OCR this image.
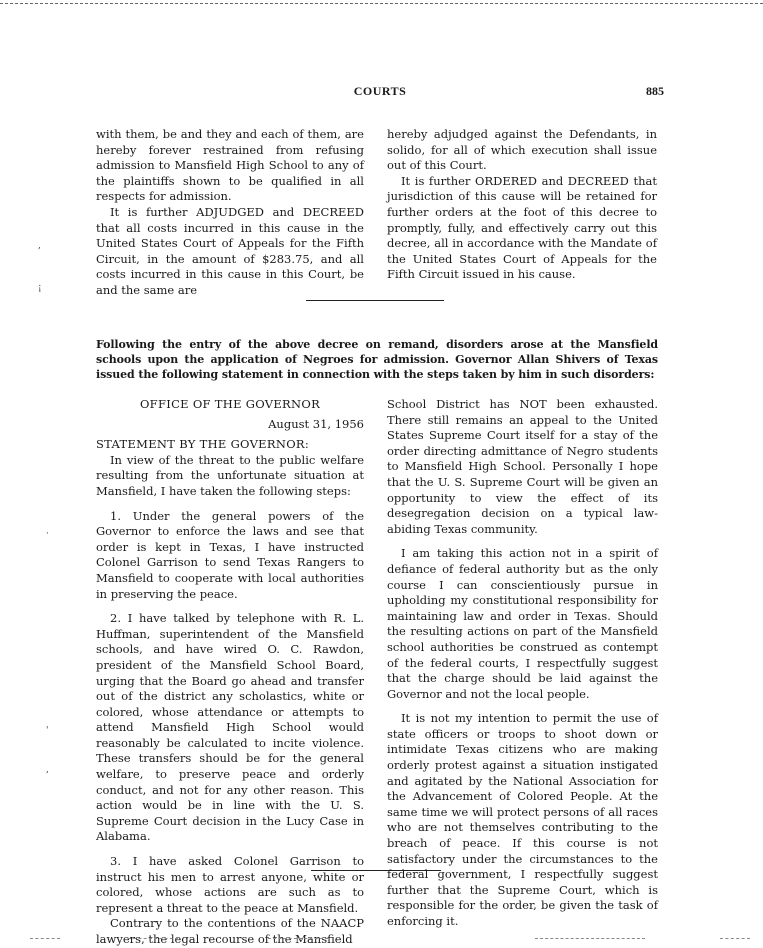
COURTS	885

with them, be and they and each of them, are hereby forever restrained from refusing admission to Mansfield High School to any of the plaintiffs shown to be qualified in all respects for admission.

It is further ADJUDGED and DECREED that all costs incurred in this cause in the United States Court of Appeals for the Fifth Circuit, in the amount of $283.75, and all costs incurred in this cause in this Court, be and the same are

hereby adjudged against the Defendants, in solido, for all of which execution shall issue out of this Court.

It is further ORDERED and DECREED that jurisdiction of this cause will be retained for further orders at the foot of this decree to promptly, fully, and effectively carry out this decree, all in accordance with the Mandate of the United States Court of Appeals for the Fifth Circuit issued in his cause.

Following the entry of the above decree on remand, disorders arose at the Mansfield schools upon the application of Negroes for admission. Governor Allan Shivers of Texas issued the following statement in connection with the steps taken by him in such disorders:

OFFICE OF THE GOVERNOR

August 31, 1956

STATEMENT BY THE GOVERNOR:

In view of the threat to the public welfare resulting from the unfortunate situation at Mansfield, I have taken the following steps:

1. Under the general powers of the Governor to enforce the laws and see that order is kept in Texas, I have instructed Colonel Garrison to send Texas Rangers to Mansfield to cooperate with local authorities in preserving the peace.

2. I have talked by telephone with R. L. Huffman, superintendent of the Mansfield schools, and have wired O. C. Rawdon, president of the Mansfield School Board, urging that the Board go ahead and transfer out of the district any scholastics, white or colored, whose attendance or attempts to attend Mansfield High School would reasonably be calculated to incite violence. These transfers should be for the general welfare, to preserve peace and orderly conduct, and not for any other reason. This action would be in line with the U. S. Supreme Court decision in the Lucy Case in Alabama.

3. I have asked Colonel Garrison to instruct his men to arrest anyone, white or colored, whose actions are such as to represent a threat to the peace at Mansfield.

Contrary to the contentions of the NAACP lawyers, the legal recourse of the Mansfield

School District has NOT been exhausted. There still remains an appeal to the United States Supreme Court itself for a stay of the order directing admittance of Negro students to Mansfield High School. Personally I hope that the U. S. Supreme Court will be given an opportunity to view the effect of its desegregation decision on a typical law-abiding Texas community.

I am taking this action not in a spirit of defiance of federal authority but as the only course I can conscientiously pursue in upholding my constitutional responsibility for maintaining law and order in Texas. Should the resulting actions on part of the Mansfield school authorities be construed as contempt of the federal courts, I respectfully suggest that the charge should be laid against the Governor and not the local people.

It is not my intention to permit the use of state officers or troops to shoot down or intimidate Texas citizens who are making orderly protest against a situation instigated and agitated by the National Association for the Advancement of Colored People. At the same time we will protect persons of all races who are not themselves contributing to the breach of peace. If this course is not satisfactory under the circumstances to the federal government, I respectfully suggest further that the Supreme Court, which is responsible for the order, be given the task of enforcing it.

,
¡
·
'
,
